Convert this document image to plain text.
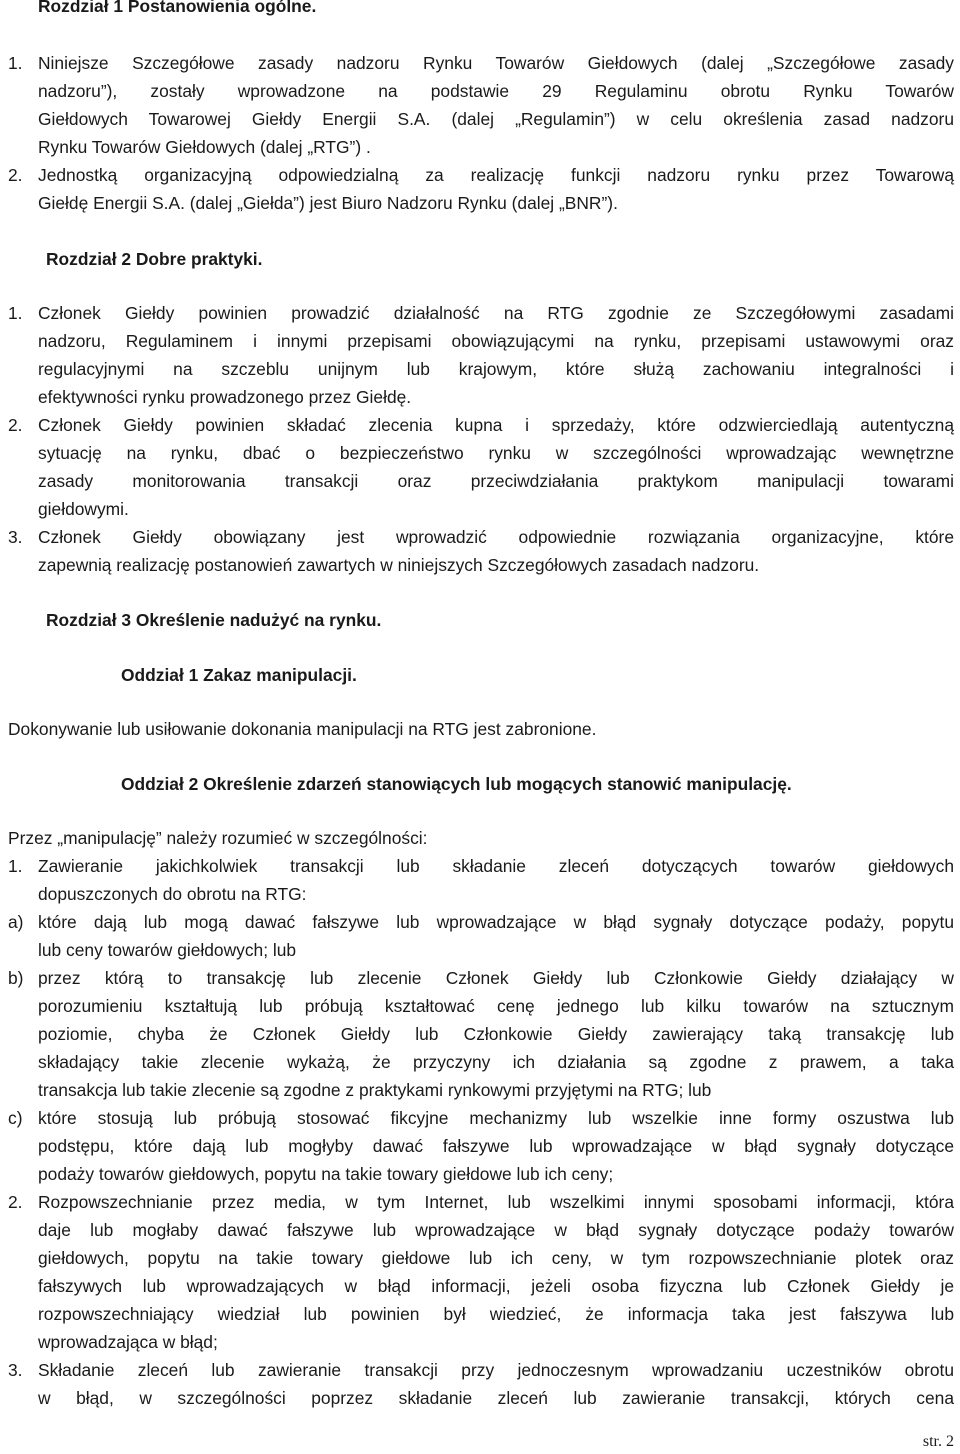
Rozdział 1 Postanowienia ogólne.
1. Niniejsze Szczegółowe zasady nadzoru Rynku Towarów Giełdowych (dalej „Szczegółowe zasady
nadzoru”), zostały wprowadzone na podstawie 29 Regulaminu obrotu Rynku Towarów
Giełdowych Towarowej Giełdy Energii S.A. (dalej „Regulamin”) w celu określenia zasad nadzoru
Rynku Towarów Giełdowych (dalej „RTG”) .
2. Jednostką organizacyjną odpowiedzialną za realizację funkcji nadzoru rynku przez Towarową
Giełdę Energii S.A. (dalej „Giełda”) jest Biuro Nadzoru Rynku (dalej „BNR”).
Rozdział 2 Dobre praktyki.
1. Członek Giełdy powinien prowadzić działalność na RTG zgodnie ze Szczegółowymi zasadami
nadzoru, Regulaminem i innymi przepisami obowiązującymi na rynku, przepisami ustawowymi oraz
regulacyjnymi na szczeblu unijnym lub krajowym, które służą zachowaniu integralności i
efektywności rynku prowadzonego przez Giełdę.
2. Członek Giełdy powinien składać zlecenia kupna i sprzedaży, które odzwierciedlają autentyczną
sytuację na rynku, dbać o bezpieczeństwo rynku w szczególności wprowadzając wewnętrzne
zasady monitorowania transakcji oraz przeciwdziałania praktykom manipulacji towarami
giełdowymi.
3. Członek Giełdy obowiązany jest wprowadzić odpowiednie rozwiązania organizacyjne, które
zapewnią realizację postanowień zawartych w niniejszych Szczegółowych zasadach nadzoru.
Rozdział 3 Określenie nadużyć na rynku.
Oddział 1 Zakaz manipulacji.
Dokonywanie lub usiłowanie dokonania manipulacji na RTG jest zabronione.
Oddział 2 Określenie zdarzeń stanowiących lub mogących stanowić manipulację.
Przez „manipulację” należy rozumieć w szczególności:
1. Zawieranie jakichkolwiek transakcji lub składanie zleceń dotyczących towarów giełdowych
dopuszczonych do obrotu na RTG:
a) które dają lub mogą dawać fałszywe lub wprowadzające w błąd sygnały dotyczące podaży, popytu
lub ceny towarów giełdowych; lub
b) przez którą to transakcję lub zlecenie Członek Giełdy lub Członkowie Giełdy działający w
porozumieniu kształtują lub próbują kształtować cenę jednego lub kilku towarów na sztucznym
poziomie, chyba że Członek Giełdy lub Członkowie Giełdy zawierający taką transakcję lub
składający takie zlecenie wykażą, że przyczyny ich działania są zgodne z prawem, a taka
transakcja lub takie zlecenie są zgodne z praktykami rynkowymi przyjętymi na RTG; lub
c) które stosują lub próbują stosować fikcyjne mechanizmy lub wszelkie inne formy oszustwa lub
podstępu, które dają lub mogłyby dawać fałszywe lub wprowadzające w błąd sygnały dotyczące
podaży towarów giełdowych, popytu na takie towary giełdowe lub ich ceny;
2. Rozpowszechnianie przez media, w tym Internet, lub wszelkimi innymi sposobami informacji, która
daje lub mogłaby dawać fałszywe lub wprowadzające w błąd sygnały dotyczące podaży towarów
giełdowych, popytu na takie towary giełdowe lub ich ceny, w tym rozpowszechnianie plotek oraz
fałszywych lub wprowadzających w błąd informacji, jeżeli osoba fizyczna lub Członek Giełdy je
rozpowszechniający wiedział lub powinien był wiedzieć, że informacja taka jest fałszywa lub
wprowadzająca w błąd;
3. Składanie zleceń lub zawieranie transakcji przy jednoczesnym wprowadzaniu uczestników obrotu
w błąd, w szczególności poprzez składanie zleceń lub zawieranie transakcji, których cena
str. 2
